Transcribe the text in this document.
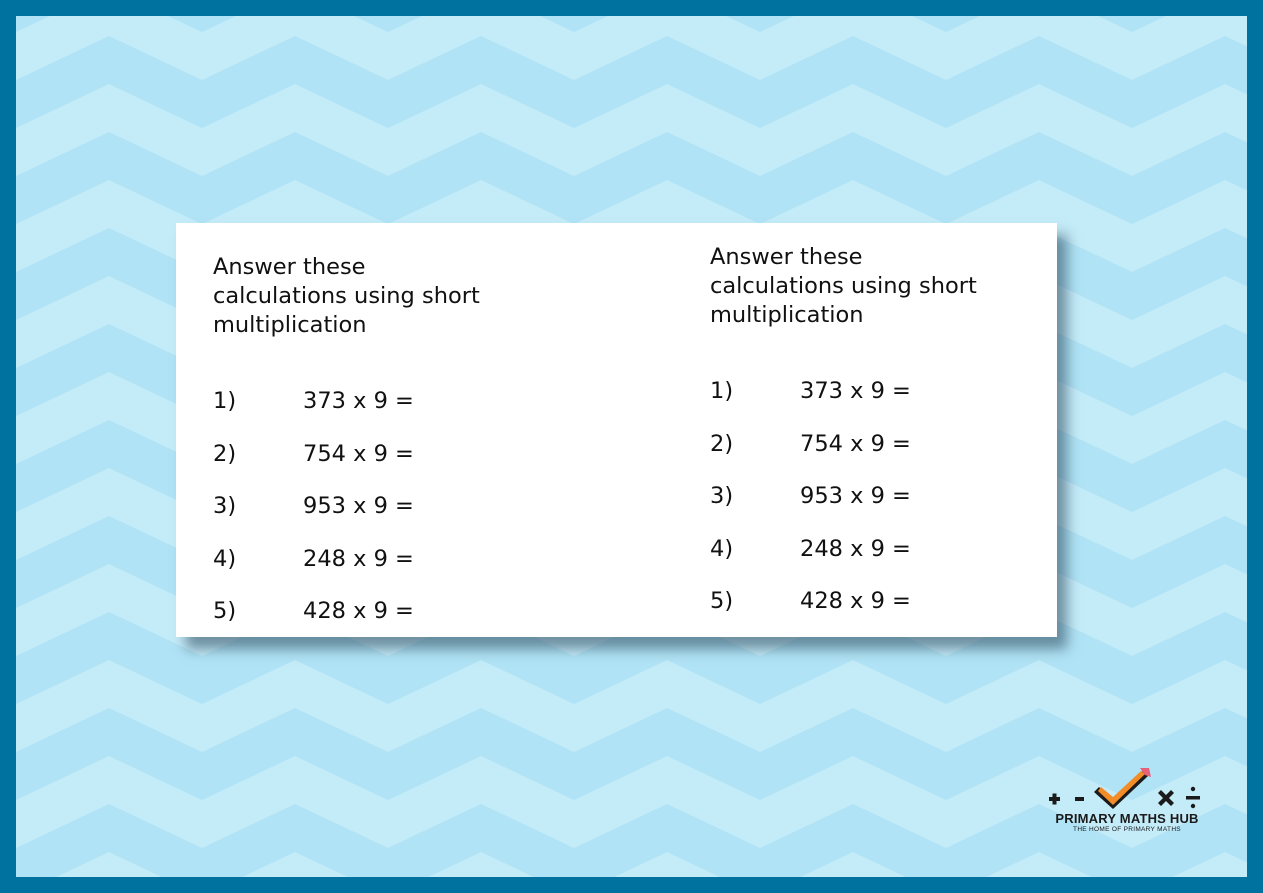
Answer these
calculations using short
multiplication

1)	373 x 9 =
2)	754 x 9 =
3)	953 x 9 =
4)	248 x 9 =
5)	428 x 9 =

Answer these
calculations using short
multiplication

1)	373 x 9 =
2)	754 x 9 =
3)	953 x 9 =
4)	248 x 9 =
5)	428 x 9 =
PRIMARY MATHS HUB
THE HOME OF PRIMARY MATHS
